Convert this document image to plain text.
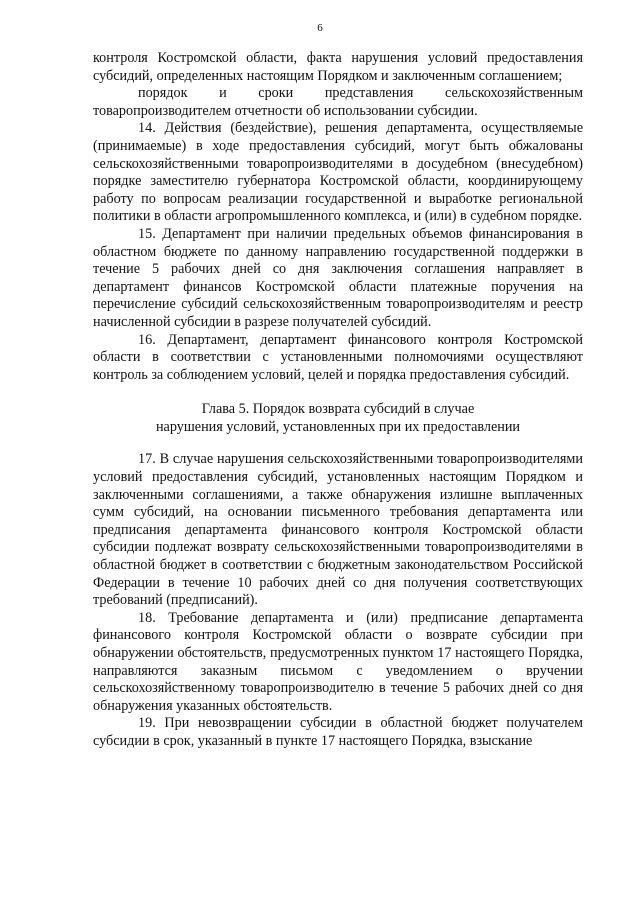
6

контроля Костромской области, факта нарушения условий предоставления субсидий, определенных настоящим Порядком и заключенным соглашением;

порядок и сроки представления сельскохозяйственным товаропроизводителем отчетности об использовании субсидии.

14. Действия (бездействие), решения департамента, осуществляемые (принимаемые) в ходе предоставления субсидий, могут быть обжалованы сельскохозяйственными товаропроизводителями в досудебном (внесудебном) порядке заместителю губернатора Костромской области, координирующему работу по вопросам реализации государственной и выработке региональной политики в области агропромышленного комплекса, и (или) в судебном порядке.

15. Департамент при наличии предельных объемов финансирования в областном бюджете по данному направлению государственной поддержки в течение 5 рабочих дней со дня заключения соглашения направляет в департамент финансов Костромской области платежные поручения на перечисление субсидий сельскохозяйственным товаропроизводителям и реестр начисленной субсидии в разрезе получателей субсидий.

16. Департамент, департамент финансового контроля Костромской области в соответствии с установленными полномочиями осуществляют контроль за соблюдением условий, целей и порядка предоставления субсидий.

Глава 5. Порядок возврата субсидий в случае
нарушения условий, установленных при их предоставлении

17. В случае нарушения сельскохозяйственными товаропроизводителями условий предоставления субсидий, установленных настоящим Порядком и заключенными соглашениями, а также обнаружения излишне выплаченных сумм субсидий, на основании письменного требования департамента или предписания департамента финансового контроля Костромской области субсидии подлежат возврату сельскохозяйственными товаропроизводителями в областной бюджет в соответствии с бюджетным законодательством Российской Федерации в течение 10 рабочих дней со дня получения соответствующих требований (предписаний).

18. Требование департамента и (или) предписание департамента финансового контроля Костромской области о возврате субсидии при обнаружении обстоятельств, предусмотренных пунктом 17 настоящего Порядка, направляются заказным письмом с уведомлением о вручении сельскохозяйственному товаропроизводителю в течение 5 рабочих дней со дня обнаружения указанных обстоятельств.

19. При невозвращении субсидии в областной бюджет получателем субсидии в срок, указанный в пункте 17 настоящего Порядка, взыскание
